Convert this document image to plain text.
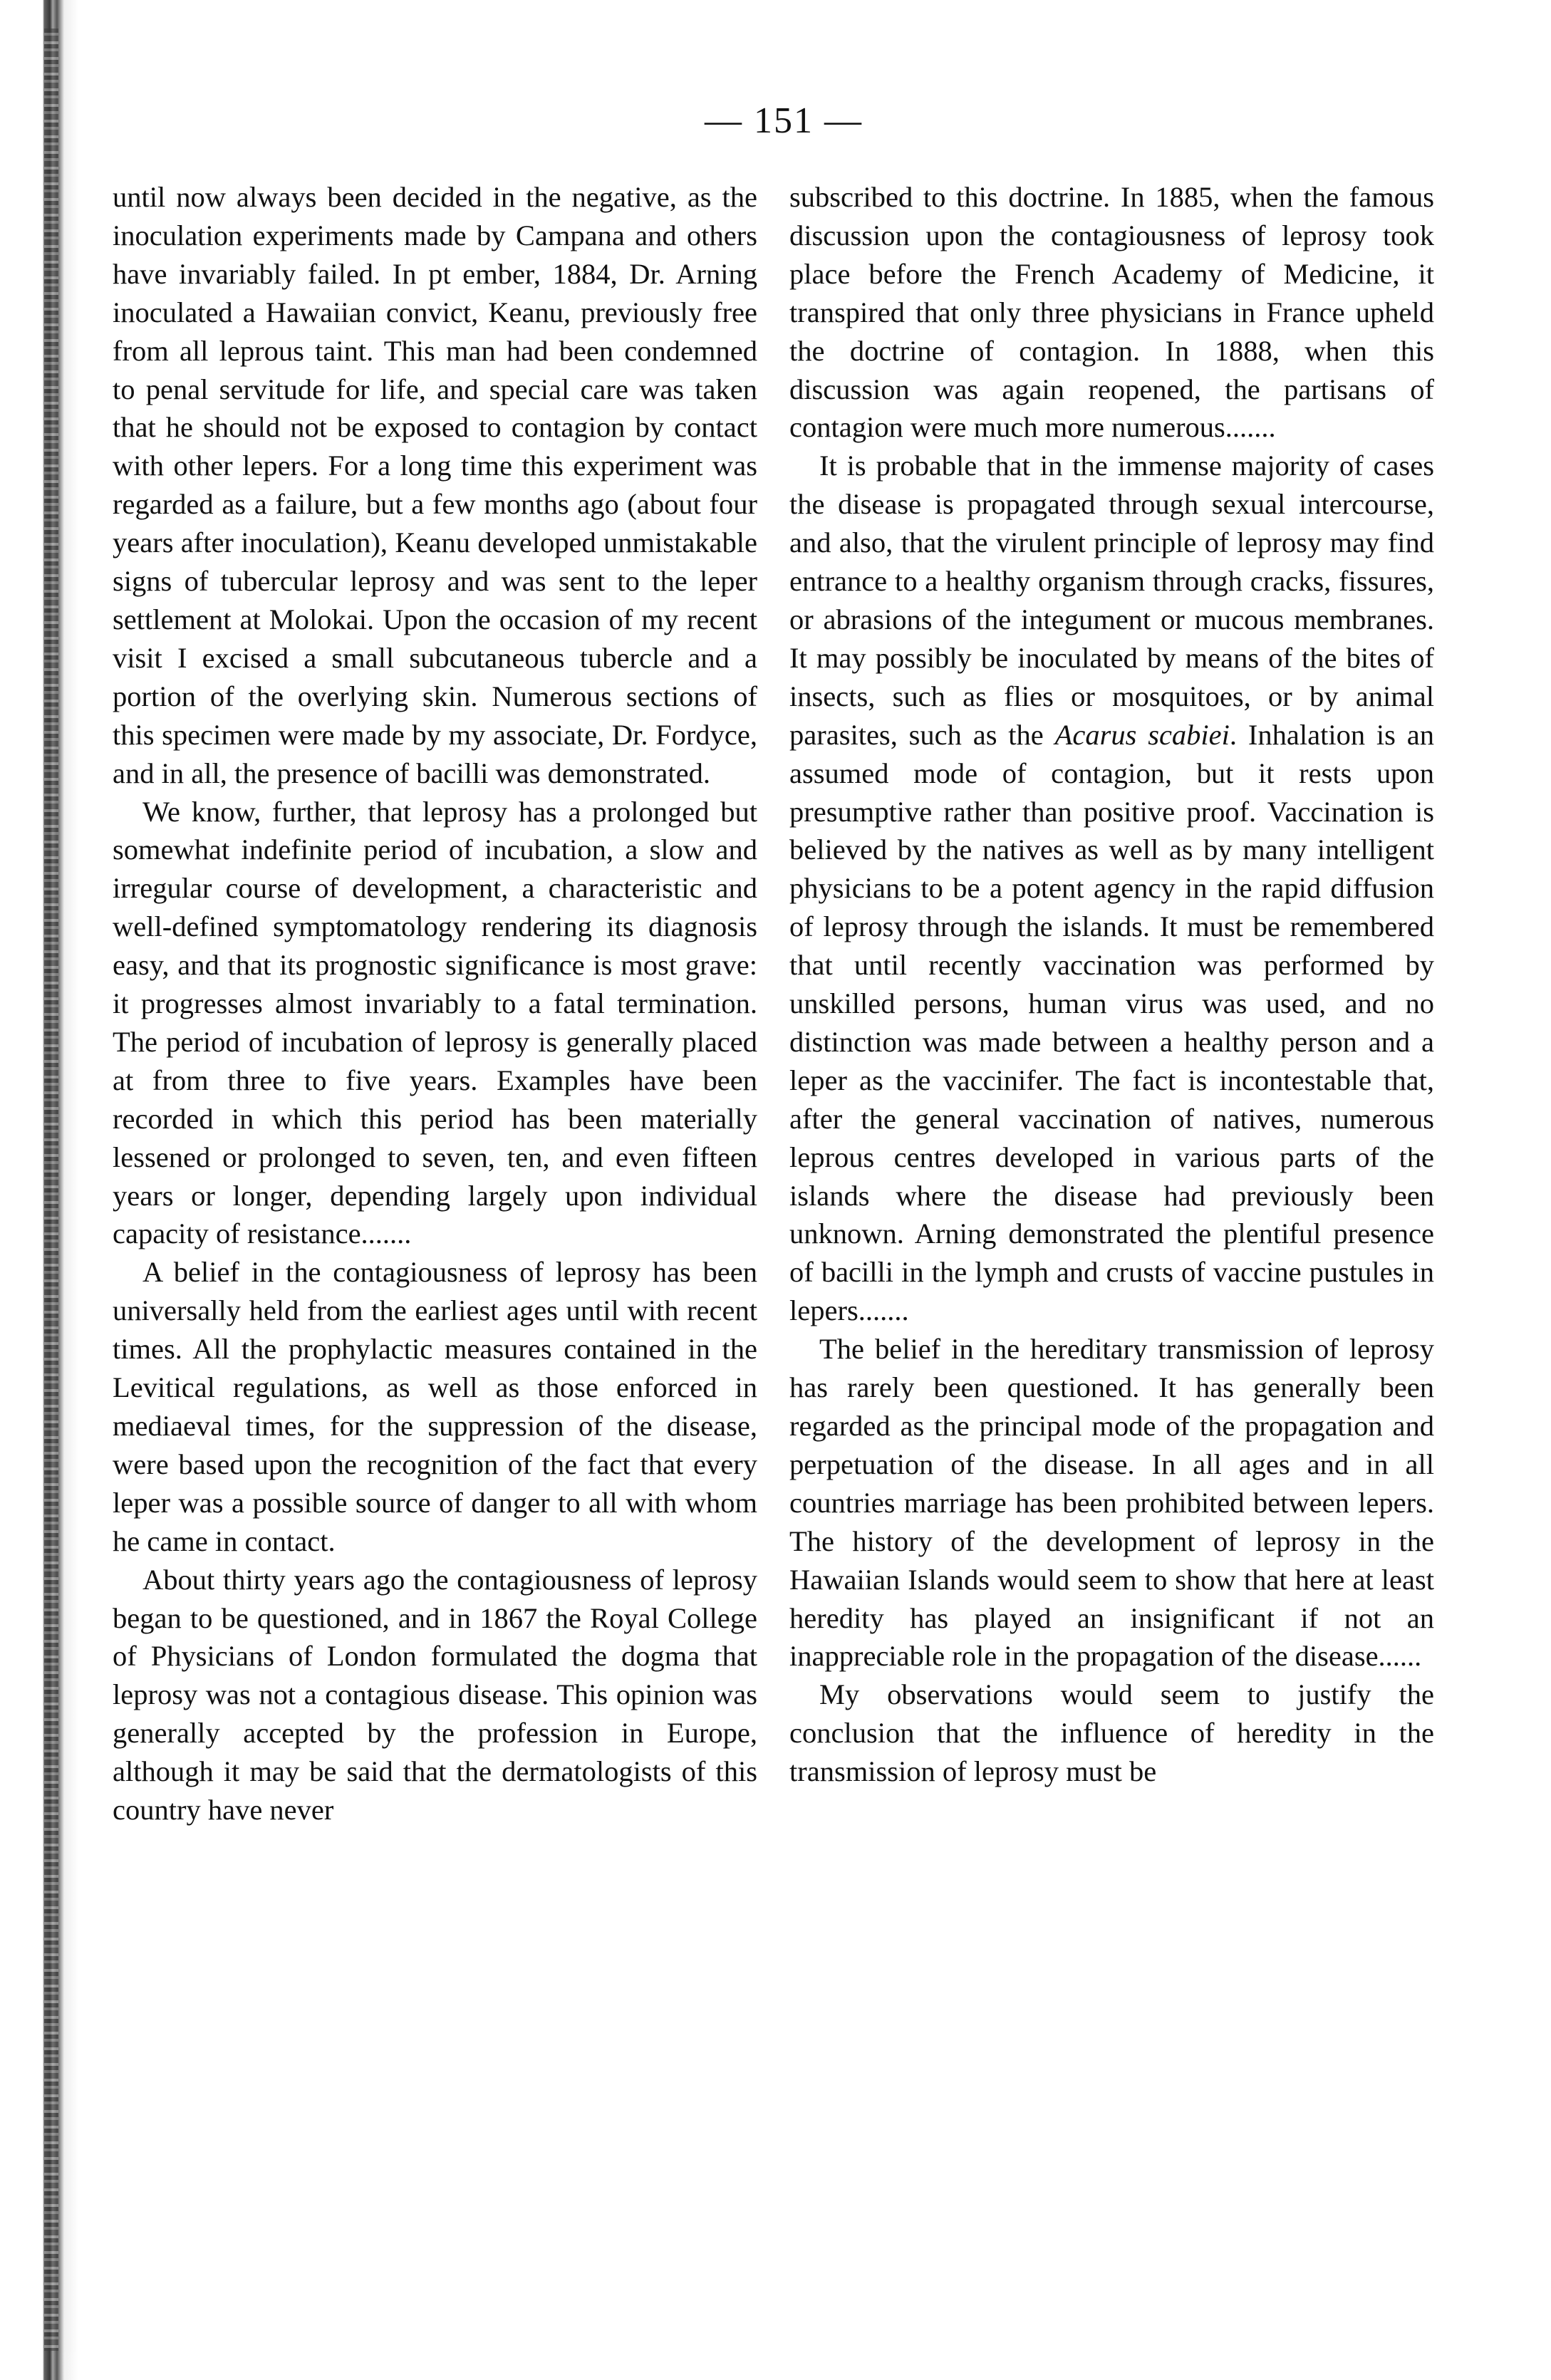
— 151 —

until now always been decided in the negative, as the inoculation experiments made by Campana and others have invariably failed. In pt ember, 1884, Dr. Arning inoculated a Hawaiian convict, Keanu, previously free from all leprous taint. This man had been condemned to penal servitude for life, and special care was taken that he should not be exposed to contagion by contact with other lepers. For a long time this experiment was regarded as a failure, but a few months ago (about four years after inoculation), Keanu developed unmistakable signs of tubercular leprosy and was sent to the leper settlement at Molokai. Upon the occasion of my recent visit I excised a small subcutaneous tubercle and a portion of the overlying skin. Numerous sections of this specimen were made by my associate, Dr. Fordyce, and in all, the presence of bacilli was demonstrated.

We know, further, that leprosy has a prolonged but somewhat indefinite period of incubation, a slow and irregular course of development, a characteristic and well-defined symptomatology rendering its diagnosis easy, and that its prognostic significance is most grave: it progresses almost invariably to a fatal termination. The period of incubation of leprosy is generally placed at from three to five years. Examples have been recorded in which this period has been materially lessened or prolonged to seven, ten, and even fifteen years or longer, depending largely upon individual capacity of resistance.......

A belief in the contagiousness of leprosy has been universally held from the earliest ages until with recent times. All the prophylactic measures contained in the Levitical regulations, as well as those enforced in mediaeval times, for the suppression of the disease, were based upon the recognition of the fact that every leper was a possible source of danger to all with whom he came in contact.

About thirty years ago the contagiousness of leprosy began to be questioned, and in 1867 the Royal College of Physicians of London formulated the dogma that leprosy was not a contagious disease. This opinion was generally accepted by the profession in Europe, although it may be said that the dermatologists of this country have never

subscribed to this doctrine. In 1885, when the famous discussion upon the contagiousness of leprosy took place before the French Academy of Medicine, it transpired that only three physicians in France upheld the doctrine of contagion. In 1888, when this discussion was again reopened, the partisans of contagion were much more numerous.......

It is probable that in the immense majority of cases the disease is propagated through sexual intercourse, and also, that the virulent principle of leprosy may find entrance to a healthy organism through cracks, fissures, or abrasions of the integument or mucous membranes. It may possibly be inoculated by means of the bites of insects, such as flies or mosquitoes, or by animal parasites, such as the Acarus scabiei. Inhalation is an assumed mode of contagion, but it rests upon presumptive rather than positive proof. Vaccination is believed by the natives as well as by many intelligent physicians to be a potent agency in the rapid diffusion of leprosy through the islands. It must be remembered that until recently vaccination was performed by unskilled persons, human virus was used, and no distinction was made between a healthy person and a leper as the vaccinifer. The fact is incontestable that, after the general vaccination of natives, numerous leprous centres developed in various parts of the islands where the disease had previously been unknown. Arning demonstrated the plentiful presence of bacilli in the lymph and crusts of vaccine pustules in lepers.......

The belief in the hereditary transmission of leprosy has rarely been questioned. It has generally been regarded as the principal mode of the propagation and perpetuation of the disease. In all ages and in all countries marriage has been prohibited between lepers. The history of the development of leprosy in the Hawaiian Islands would seem to show that here at least heredity has played an insignificant if not an inappreciable role in the propagation of the disease......

My observations would seem to justify the conclusion that the influence of heredity in the transmission of leprosy must be
